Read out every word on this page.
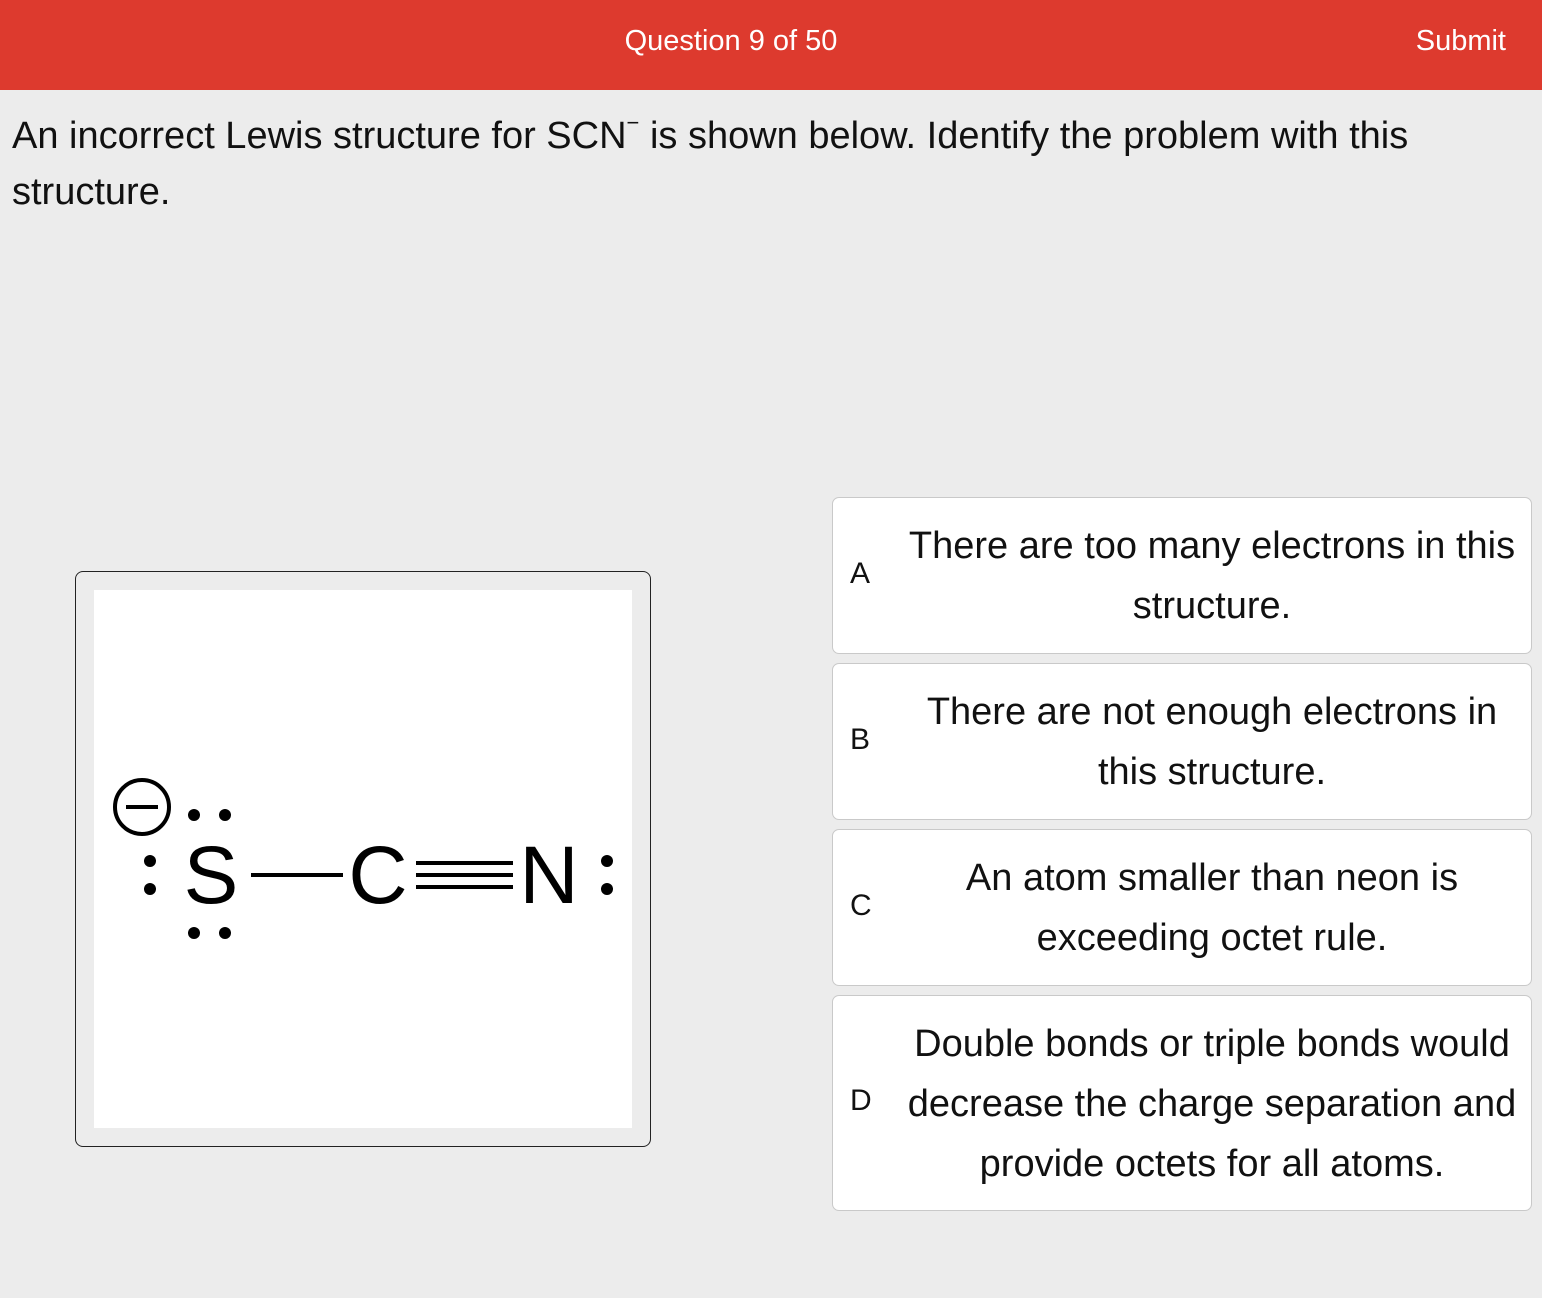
Question 9 of 50	Submit
An incorrect Lewis structure for SCN− is shown below. Identify the problem with this structure.
S C N
A
There are too many electrons in this structure.
B
There are not enough electrons in this structure.
C
An atom smaller than neon is exceeding octet rule.
D
Double bonds or triple bonds would decrease the charge separation and provide octets for all atoms.
